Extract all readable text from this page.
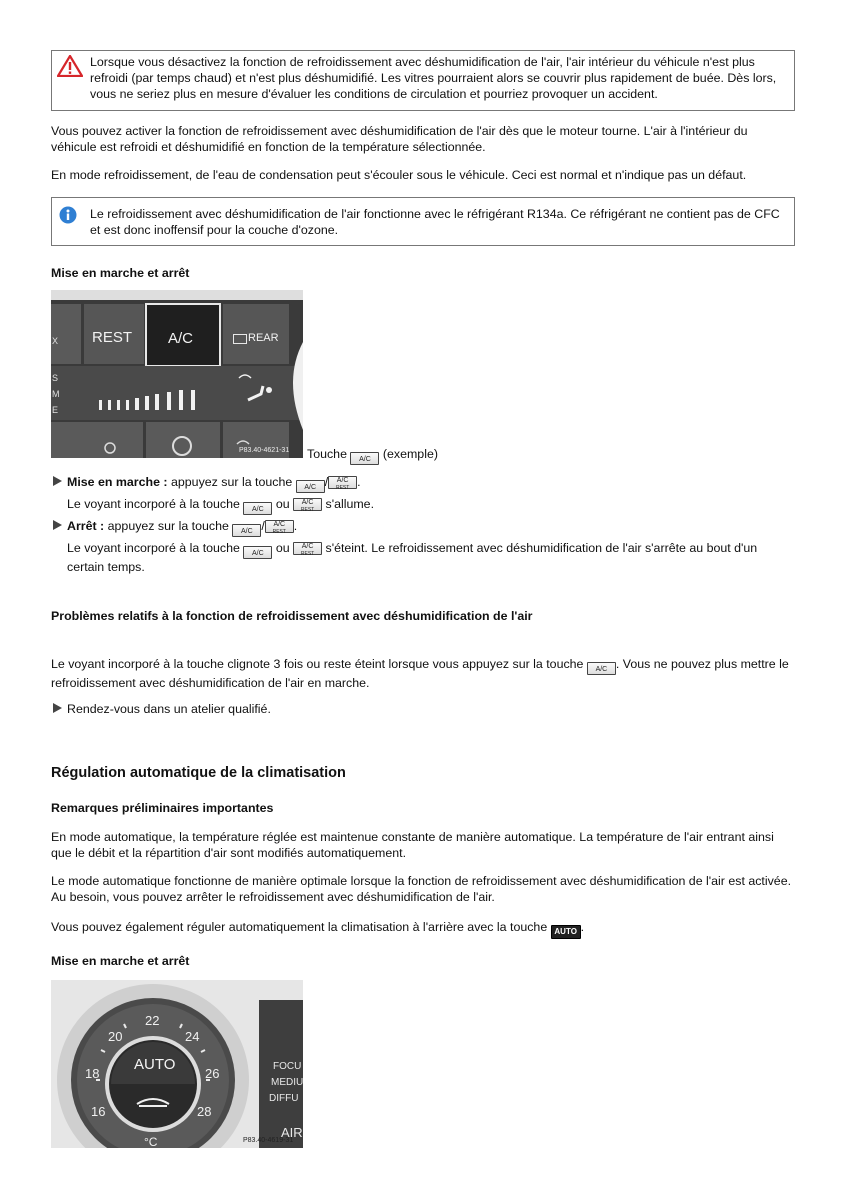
Lorsque vous désactivez la fonction de refroidissement avec déshumidification de l'air, l'air intérieur du véhicule n'est plus refroidi (par temps chaud) et n'est plus déshumidifié. Les vitres pourraient alors se couvrir plus rapidement de buée. Dès lors, vous ne seriez plus en mesure d'évaluer les conditions de circulation et pourriez provoquer un accident.
Vous pouvez activer la fonction de refroidissement avec déshumidification de l'air dès que le moteur tourne. L'air à l'intérieur du véhicule est refroidi et déshumidifié en fonction de la température sélectionnée.
En mode refroidissement, de l'eau de condensation peut s'écouler sous le véhicule. Ceci est normal et n'indique pas un défaut.
Le refroidissement avec déshumidification de l'air fonctionne avec le réfrigérant R134a. Ce réfrigérant ne contient pas de CFC et est donc inoffensif pour la couche d'ozone.
Mise en marche et arrêt
REST A/C	REAR
X
S
M
E
P83.40-4621-31 Touche A/C (exemple)
Mise en marche : appuyez sur la touche A/C / A/C
REST .
Le voyant incorporé à la touche A/C ou A/C
REST s'allume.
Arrêt : appuyez sur la touche A/C / A/C
REST .
Le voyant incorporé à la touche A/C ou A/C
REST s'éteint. Le refroidissement avec déshumidification de l'air s'arrête au bout d'un certain temps.
Problèmes relatifs à la fonction de refroidissement avec déshumidification de l'air
Le voyant incorporé à la touche clignote 3 fois ou reste éteint lorsque vous appuyez sur la touche A/C . Vous ne pouvez plus mettre le refroidissement avec déshumidification de l'air en marche.
Rendez-vous dans un atelier qualifié.
Régulation automatique de la climatisation
Remarques préliminaires importantes
En mode automatique, la température réglée est maintenue constante de manière automatique. La température de l'air entrant ainsi que le débit et la répartition d'air sont modifiés automatiquement.
Le mode automatique fonctionne de manière optimale lorsque la fonction de refroidissement avec déshumidification de l'air est activée. Au besoin, vous pouvez arrêter le refroidissement avec déshumidification de l'air.
Vous pouvez également réguler automatiquement la climatisation à l'arrière avec la touche AUTO .
Mise en marche et arrêt
22
20	24
18	26
16	28
°C
AUTO	FOCU
MEDIU
DIFFU
AIR
P83.40-4619-31
